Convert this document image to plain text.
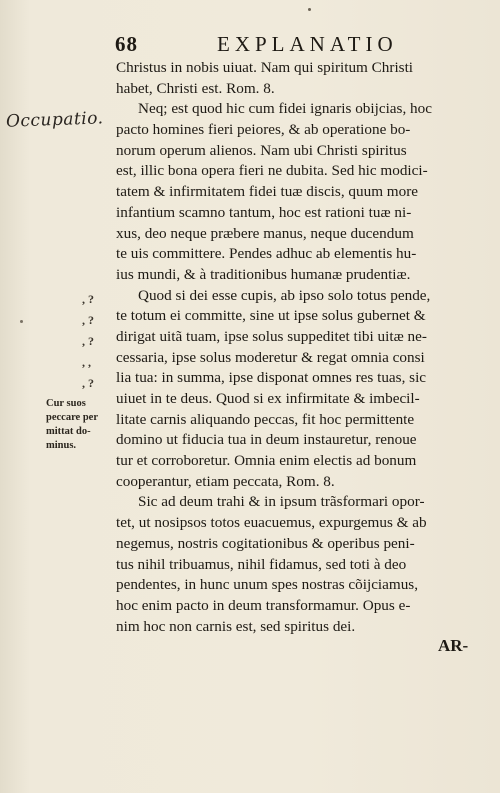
68	EXPLANATIO
Occupatio.
, ?
, ?
, ?
, ,
, ?
Cur suos
peccare per
mittat do-
minus.
Christus in nobis uiuat. Nam qui spiritum Christi
habet, Christi est. Rom. 8.
Neq; est quod hic cum fidei ignaris obijcias, hoc
pacto homines fieri peiores, & ab operatione bo-
norum operum alienos. Nam ubi Christi spiritus
est, illic bona opera fieri ne dubita. Sed hic modici-
tatem & infirmitatem fidei tuæ discis, quum more
infantium scamno tantum, hoc est rationi tuæ ni-
xus, deo neque præbere manus, neque ducendum
te uis committere. Pendes adhuc ab elementis hu-
ius mundi, & à traditionibus humanæ prudentiæ.
Quod si dei esse cupis, ab ipso solo totus pende,
te totum ei committe, sine ut ipse solus gubernet &
dirigat uitã tuam, ipse solus suppeditet tibi uitæ ne-
cessaria, ipse solus moderetur & regat omnia consi
lia tua: in summa, ipse disponat omnes res tuas, sic
uiuet in te deus. Quod si ex infirmitate & imbecil-
litate carnis aliquando peccas, fit hoc permittente
domino ut fiducia tua in deum instauretur, renoue
tur et corroboretur. Omnia enim electis ad bonum
cooperantur, etiam peccata, Rom. 8.
Sic ad deum trahi & in ipsum trãsformari opor-
tet, ut nosipsos totos euacuemus, expurgemus & ab
negemus, nostris cogitationibus & operibus peni-
tus nihil tribuamus, nihil fidamus, sed toti à deo
pendentes, in hunc unum spes nostras cõijciamus,
hoc enim pacto in deum transformamur. Opus e-
nim hoc non carnis est, sed spiritus dei.
AR-
